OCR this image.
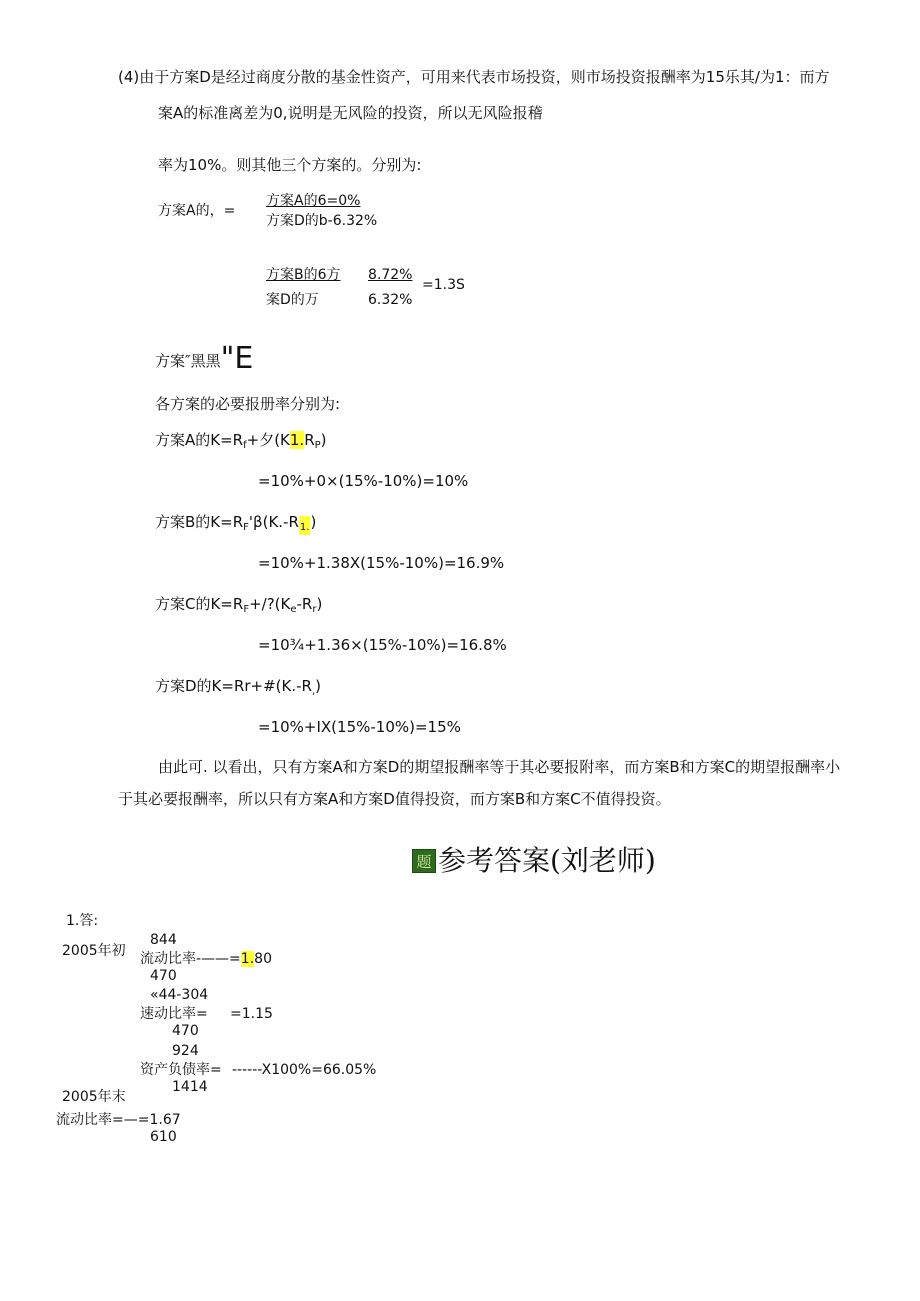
(4)由于方案D是经过商度分散的基金性资产，可用来代表市场投资，则市场投资报酬率为15乐其/为1：而方
案A的标准离差为0,说明是无风险的投资，所以无风险报稽
率为10%。则其他三个方案的。分别为:
方案A的，=
方案A的6=0%
方案D的b-6.32%
方案B的6方
案D的万
8.72%
6.32%
=1.3S
方案″黑黑"E
各方案的必要报册率分别为:
方案A的$K=R_f+$夕$(K1.R_P)$
=10%+0×(15%-10%)=10%
方案B的$K=R_F'\beta(K.-R_{1.})$
=10%+1.38X(15%-10%)=16.9%
方案C的$K=R_F+/?(K_e-R_r)$
=10¾+1.36×(15%-10%)=16.8%
方案D的$K=Rr+\#(K.-R_,)$
=10%+IX(15%-10%)=15%
由此可. 以看出，只有方案A和方案D的期望报酬率等于其必要报附率，而方案B和方案C的期望报酬率小
于其必要报酬率，所以只有方案A和方案D值得投资，而方案B和方案C不值得投资。
题 参考答案(刘老师)
1.答:
2005年初
844
流动比率-——=1.80
470
«44-304
速动比率= =1.15
470
924
资产负债率= ------X100%=66.05%
1414
2005年末
流动比率=—=1.67
610
